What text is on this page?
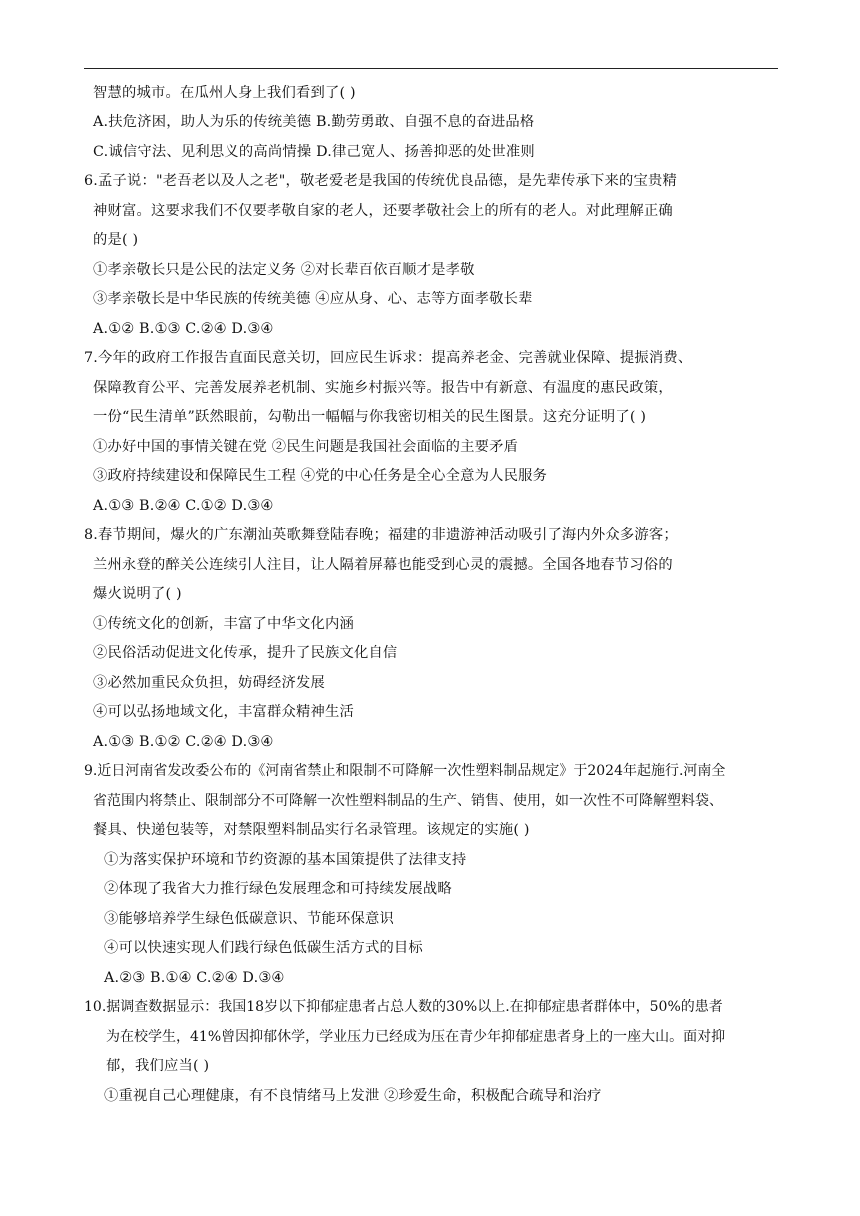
智慧的城市。在瓜州人身上我们看到了( )
A.扶危济困，助人为乐的传统美德 B.勤劳勇敢、自强不息的奋进品格
C.诚信守法、见利思义的高尚情操 D.律己宽人、扬善抑恶的处世准则
6.孟子说："老吾老以及人之老"，敬老爱老是我国的传统优良品德，是先辈传承下来的宝贵精
神财富。这要求我们不仅要孝敬自家的老人，还要孝敬社会上的所有的老人。对此理解正确
的是( )
①孝亲敬长只是公民的法定义务 ②对长辈百依百顺才是孝敬
③孝亲敬长是中华民族的传统美德 ④应从身、心、志等方面孝敬长辈
A.①② B.①③ C.②④ D.③④
7.今年的政府工作报告直面民意关切，回应民生诉求：提高养老金、完善就业保障、提振消费、
保障教育公平、完善发展养老机制、实施乡村振兴等。报告中有新意、有温度的惠民政策，
一份“民生清单”跃然眼前，勾勒出一幅幅与你我密切相关的民生图景。这充分证明了( )
①办好中国的事情关键在党 ②民生问题是我国社会面临的主要矛盾
③政府持续建设和保障民生工程 ④党的中心任务是全心全意为人民服务
A.①③ B.②④ C.①② D.③④
8.春节期间，爆火的广东潮汕英歌舞登陆春晚；福建的非遗游神活动吸引了海内外众多游客；
兰州永登的醉关公连续引人注目，让人隔着屏幕也能受到心灵的震撼。全国各地春节习俗的
爆火说明了( )
①传统文化的创新，丰富了中华文化内涵
②民俗活动促进文化传承，提升了民族文化自信
③必然加重民众负担，妨碍经济发展
④可以弘扬地域文化，丰富群众精神生活
A.①③ B.①② C.②④ D.③④
9.近日河南省发改委公布的《河南省禁止和限制不可降解一次性塑料制品规定》于2024年起施行.河南全
省范围内将禁止、限制部分不可降解一次性塑料制品的生产、销售、使用，如一次性不可降解塑料袋、
餐具、快递包装等，对禁限塑料制品实行名录管理。该规定的实施( )
①为落实保护环境和节约资源的基本国策提供了法律支持
②体现了我省大力推行绿色发展理念和可持续发展战略
③能够培养学生绿色低碳意识、节能环保意识
④可以快速实现人们践行绿色低碳生活方式的目标
A.②③ B.①④ C.②④ D.③④
10.据调查数据显示：我国18岁以下抑郁症患者占总人数的30%以上.在抑郁症患者群体中，50%的患者
为在校学生，41%曾因抑郁休学，学业压力已经成为压在青少年抑郁症患者身上的一座大山。面对抑
郁，我们应当( )
①重视自己心理健康，有不良情绪马上发泄 ②珍爱生命，积极配合疏导和治疗
